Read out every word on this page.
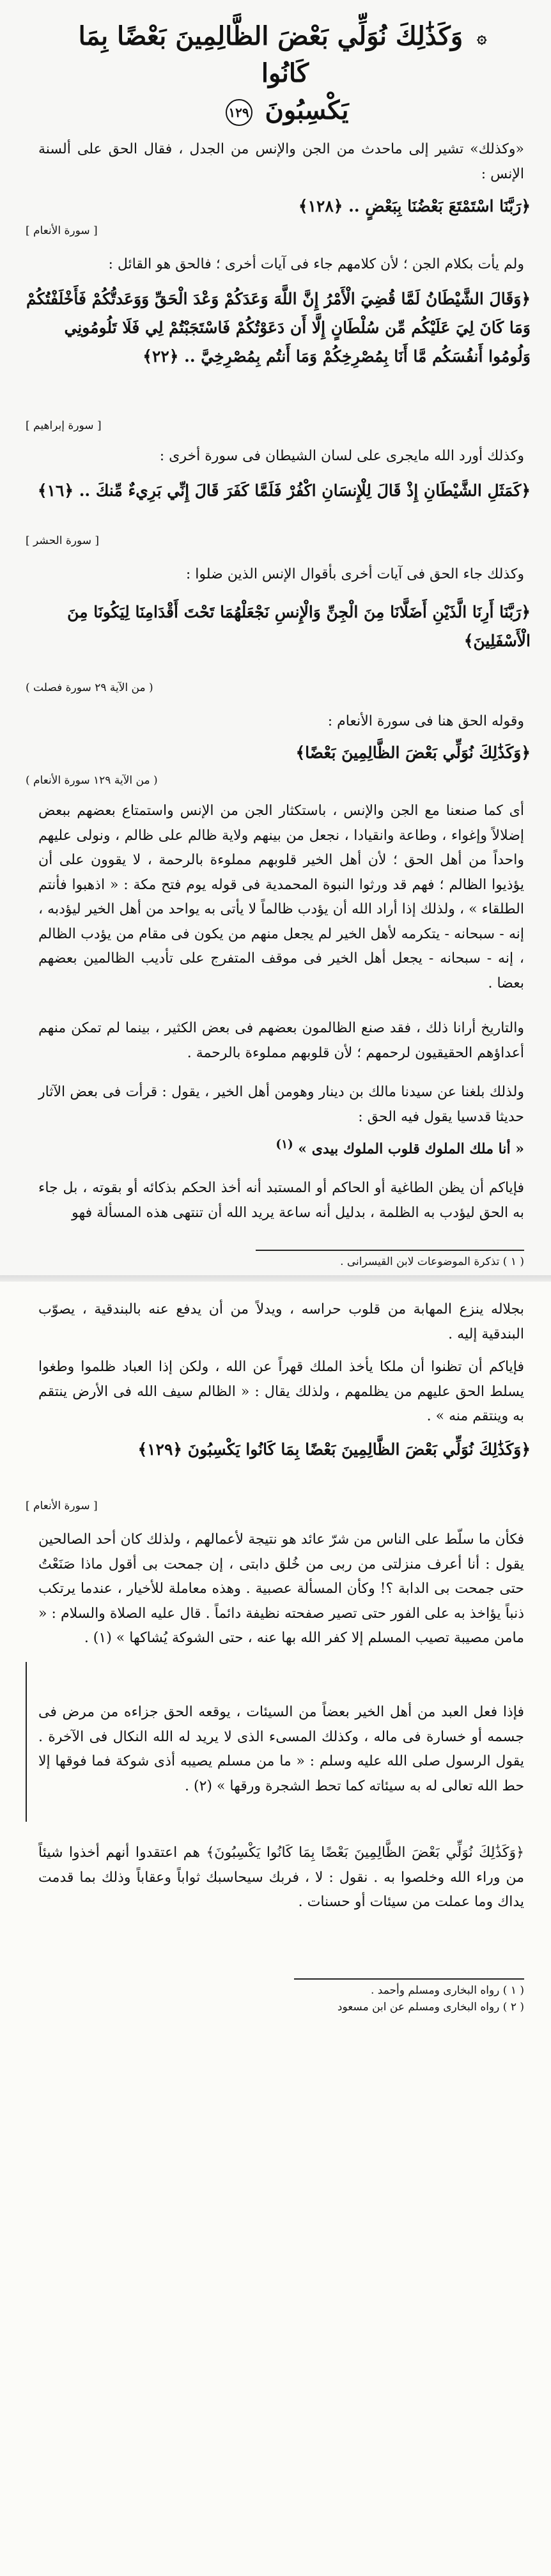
۞ وَكَذَٰلِكَ نُوَلِّي بَعْضَ الظَّالِمِينَ بَعْضًا بِمَا كَانُوا
يَكْسِبُونَ ١٢٩
«وكذلك» تشير إلى ماحدث من الجن والإنس من الجدل ، فقال الحق على ألسنة الإنس :
﴿رَبَّنَا اسْتَمْتَعَ بَعْضُنَا بِبَعْضٍ .. ﴿١٢٨﴾
[ سورة الأنعام ]
ولم يأت بكلام الجن ؛ لأن كلامهم جاء فى آيات أخرى ؛ فالحق هو القائل :
﴿وَقَالَ الشَّيْطَانُ لَمَّا قُضِيَ الْأَمْرُ إِنَّ اللَّهَ وَعَدَكُمْ وَعْدَ الْحَقِّ وَوَعَدتُّكُمْ فَأَخْلَفْتُكُمْ وَمَا كَانَ لِيَ عَلَيْكُم مِّن سُلْطَانٍ إِلَّا أَن دَعَوْتُكُمْ فَاسْتَجَبْتُمْ لِي فَلَا تَلُومُونِي وَلُومُوا أَنفُسَكُم مَّا أَنَا بِمُصْرِخِكُمْ وَمَا أَنتُم بِمُصْرِخِيَّ .. ﴿٢٢﴾
[ سورة إبراهيم ]
وكذلك أورد الله مايجرى على لسان الشيطان فى سورة أخرى :
﴿كَمَثَلِ الشَّيْطَانِ إِذْ قَالَ لِلْإِنسَانِ اكْفُرْ فَلَمَّا كَفَرَ قَالَ إِنِّي بَرِيءٌ مِّنكَ .. ﴿١٦﴾
[ سورة الحشر ]
وكذلك جاء الحق فى آيات أخرى بأقوال الإنس الذين ضلوا :
﴿رَبَّنَا أَرِنَا الَّذَيْنِ أَضَلَّانَا مِنَ الْجِنِّ وَالْإِنسِ نَجْعَلْهُمَا تَحْتَ أَقْدَامِنَا لِيَكُونَا مِنَ الْأَسْفَلِينَ﴾
( من الآية ٢٩ سورة فصلت )
وقوله الحق هنا فى سورة الأنعام :
﴿وَكَذَٰلِكَ نُوَلِّي بَعْضَ الظَّالِمِينَ بَعْضًا﴾
( من الآية ١٢٩ سورة الأنعام )
أى كما صنعنا مع الجن والإنس ، باستكثار الجن من الإنس واستمتاع بعضهم ببعض إضلالاً وإغواء ، وطاعة وانقيادا ، نجعل من بينهم ولاية ظالم على ظالم ، ونولى عليهم واحداً من أهل الحق ؛ لأن أهل الخير قلوبهم مملوءة بالرحمة ، لا يقوون على أن يؤذيوا الظالم ؛ فهم قد ورثوا النبوة المحمدية فى قوله يوم فتح مكة : « اذهبوا فأنتم الطلقاء » ، ولذلك إذا أراد الله أن يؤدب ظالماً لا يأتى به يواحد من أهل الخير ليؤدبه ، إنه - سبحانه - يتكرمه لأهل الخير لم يجعل منهم من يكون فى مقام من يؤدب الظالم ، إنه - سبحانه - يجعل أهل الخير فى موقف المتفرج على تأديب الظالمين بعضهم بعضا .
والتاريخ أرانا ذلك ، فقد صنع الظالمون بعضهم فى بعض الكثير ، بينما لم تمكن منهم أعداؤهم الحقيقيون لرحمهم ؛ لأن قلوبهم مملوءة بالرحمة .
ولذلك بلغنا عن سيدنا مالك بن دينار وهومن أهل الخير ، يقول : قرأت فى بعض الآثار حديثا قدسيا يقول فيه الحق :
« أنا ملك الملوك قلوب الملوك بيدى » $^{(١)}$
فإياكم أن يظن الطاغية أو الحاكم أو المستبد أنه أخذ الحكم بذكائه أو بقوته ، بل جاء به الحق ليؤدب به الظلمة ، بدليل أنه ساعة يريد الله أن تنتهى هذه المسألة فهو
( ١ ) تذكرة الموضوعات لابن القيسرانى .
بجلاله ينزع المهابة من قلوب حراسه ، ويدلاً من أن يدفع عنه بالبندقية ، يصوّب البندقية إليه .
فإياكم أن تظنوا أن ملكا يأخذ الملك قهراً عن الله ، ولكن إذا العباد ظلموا وطغوا يسلط الحق عليهم من يظلمهم ، ولذلك يقال : « الظالم سيف الله فى الأرض ينتقم به وينتقم منه » .
﴿وَكَذَٰلِكَ نُوَلِّي بَعْضَ الظَّالِمِينَ بَعْضًا بِمَا كَانُوا يَكْسِبُونَ ﴿١٢٩﴾
[ سورة الأنعام ]
فكأن ما سلّط على الناس من شرّ عائد هو نتيجة لأعمالهم ، ولذلك كان أحد الصالحين يقول : أنا أعرف منزلتى من ربى من خُلق دابتى ، إن جمحت بى أقول ماذا صَنَعْتُ حتى جمحت بى الدابة ؟! وكأن المسألة عصبية . وهذه معاملة للأخيار ، عندما يرتكب ذنباً يؤاخذ به على الفور حتى تصير صفحته نظيفة دائماً . قال عليه الصلاة والسلام : « مامن مصيبة تصيب المسلم إلا كفر الله بها عنه ، حتى الشوكة يُشاكها » (١) .
فإذا فعل العبد من أهل الخير بعضاً من السيئات ، يوقعه الحق جزاءه من مرض فى جسمه أو خسارة فى ماله ، وكذلك المسىء الذى لا يريد له الله النكال فى الآخرة . يقول الرسول صلى الله عليه وسلم : « ما من مسلم يصيبه أذى شوكة فما فوقها إلا حط الله تعالى له به سيئاته كما تحط الشجرة ورقها » (٢) .
﴿وَكَذَٰلِكَ نُوَلِّي بَعْضَ الظَّالِمِينَ بَعْضًا بِمَا كَانُوا يَكْسِبُونَ﴾ هم اعتقدوا أنهم أخذوا شيئاً من وراء الله وخلصوا به . نقول : لا ، فربك سيحاسبك ثواباً وعقاباً وذلك بما قدمت يداك وما عملت من سيئات أو حسنات .
( ١ ) رواه البخارى ومسلم وأحمد .
( ٢ ) رواه البخارى ومسلم عن ابن مسعود
